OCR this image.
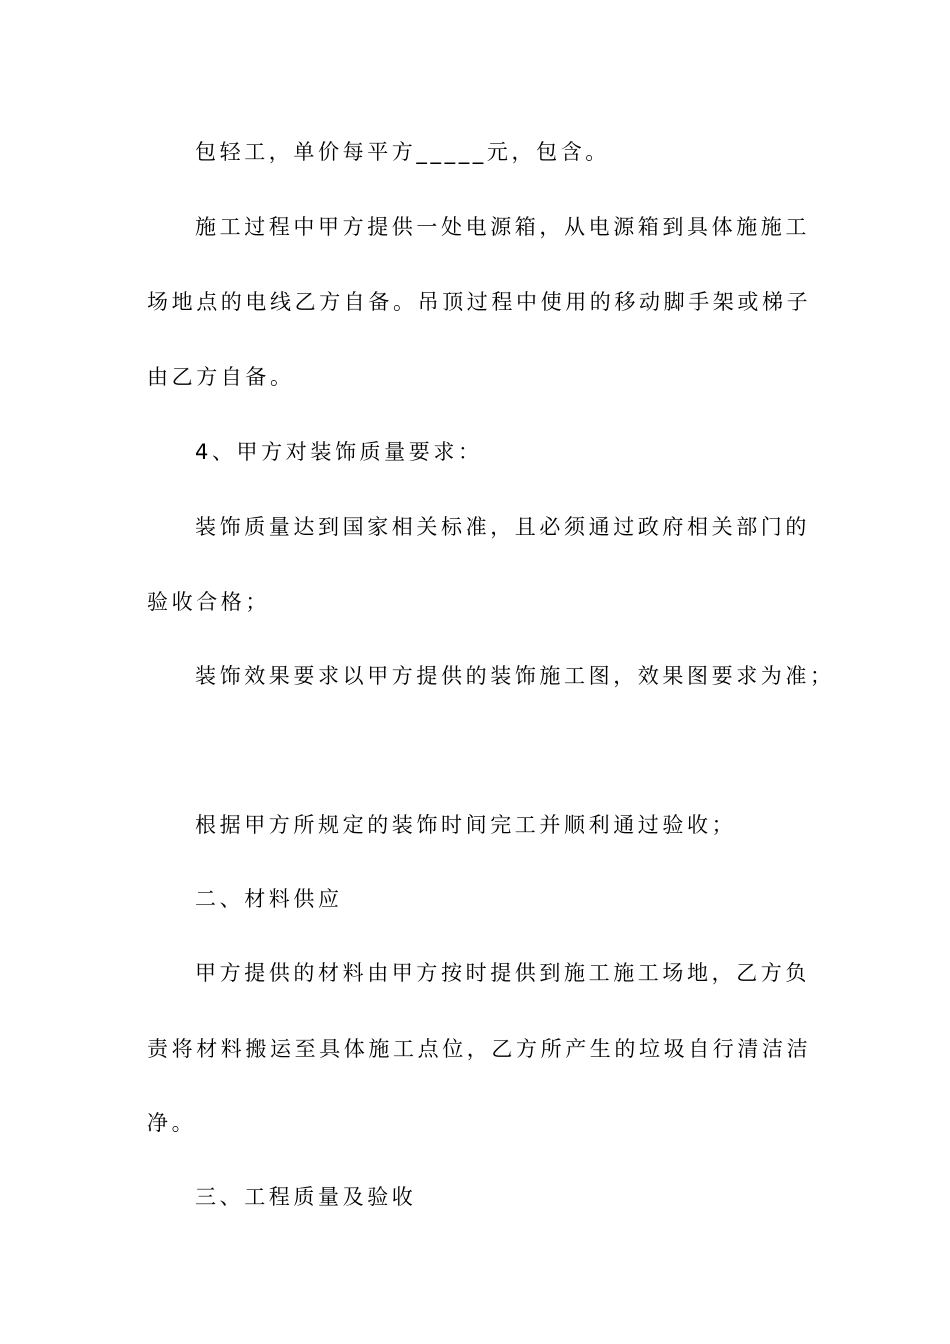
包轻工，单价每平方_____元，包含。

施工过程中甲方提供一处电源箱，从电源箱到具体施施工

场地点的电线乙方自备。吊顶过程中使用的移动脚手架或梯子

由乙方自备。

4、甲方对装饰质量要求：

装饰质量达到国家相关标准，且必须通过政府相关部门的

验收合格；

装饰效果要求以甲方提供的装饰施工图，效果图要求为准；

根据甲方所规定的装饰时间完工并顺利通过验收；

二、材料供应

甲方提供的材料由甲方按时提供到施工施工场地，乙方负

责将材料搬运至具体施工点位，乙方所产生的垃圾自行清洁洁

净。

三、工程质量及验收
